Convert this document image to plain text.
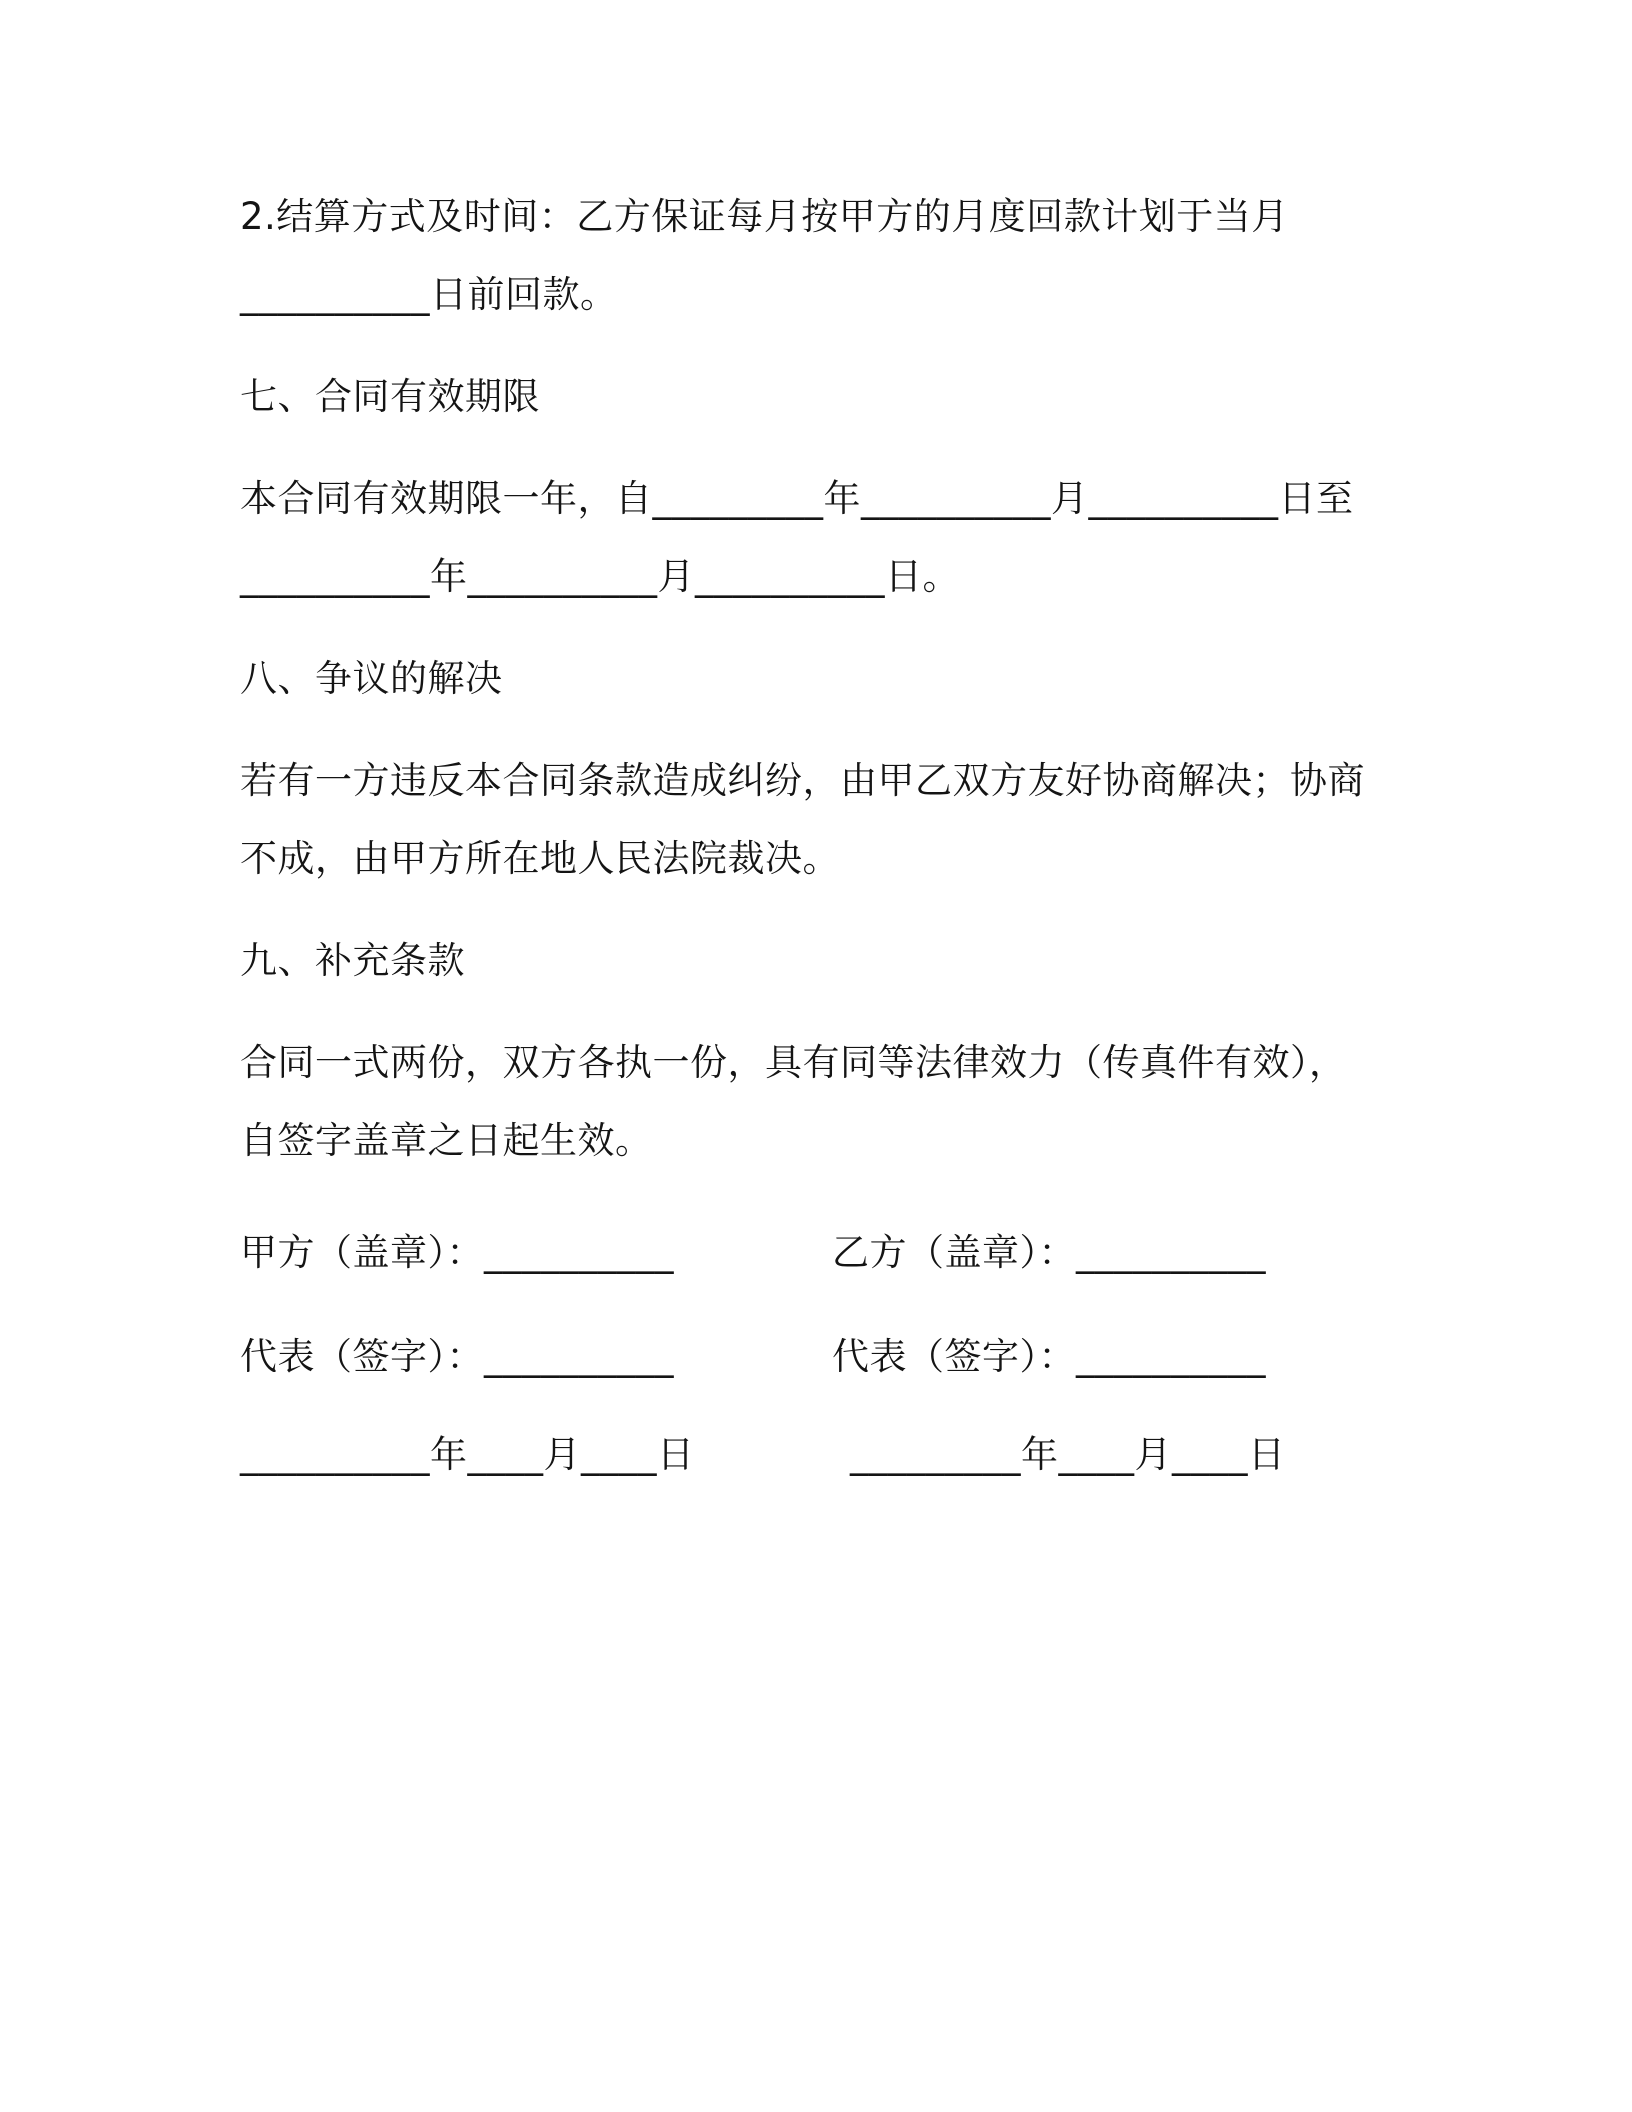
2.结算方式及时间：乙方保证每月按甲方的月度回款计划于当月
__________日前回款。
七、合同有效期限
本合同有效期限一年，自_________年__________月__________日至
__________年__________月__________日。
八、争议的解决
若有一方违反本合同条款造成纠纷，由甲乙双方友好协商解决；协商
不成，由甲方所在地人民法院裁决。
九、补充条款
合同一式两份，双方各执一份，具有同等法律效力（传真件有效），
自签字盖章之日起生效。
甲方（盖章）：__________	乙方（盖章）：__________
代表（签字）：__________	代表（签字）：__________
__________年____月____日	_________年____月____日
